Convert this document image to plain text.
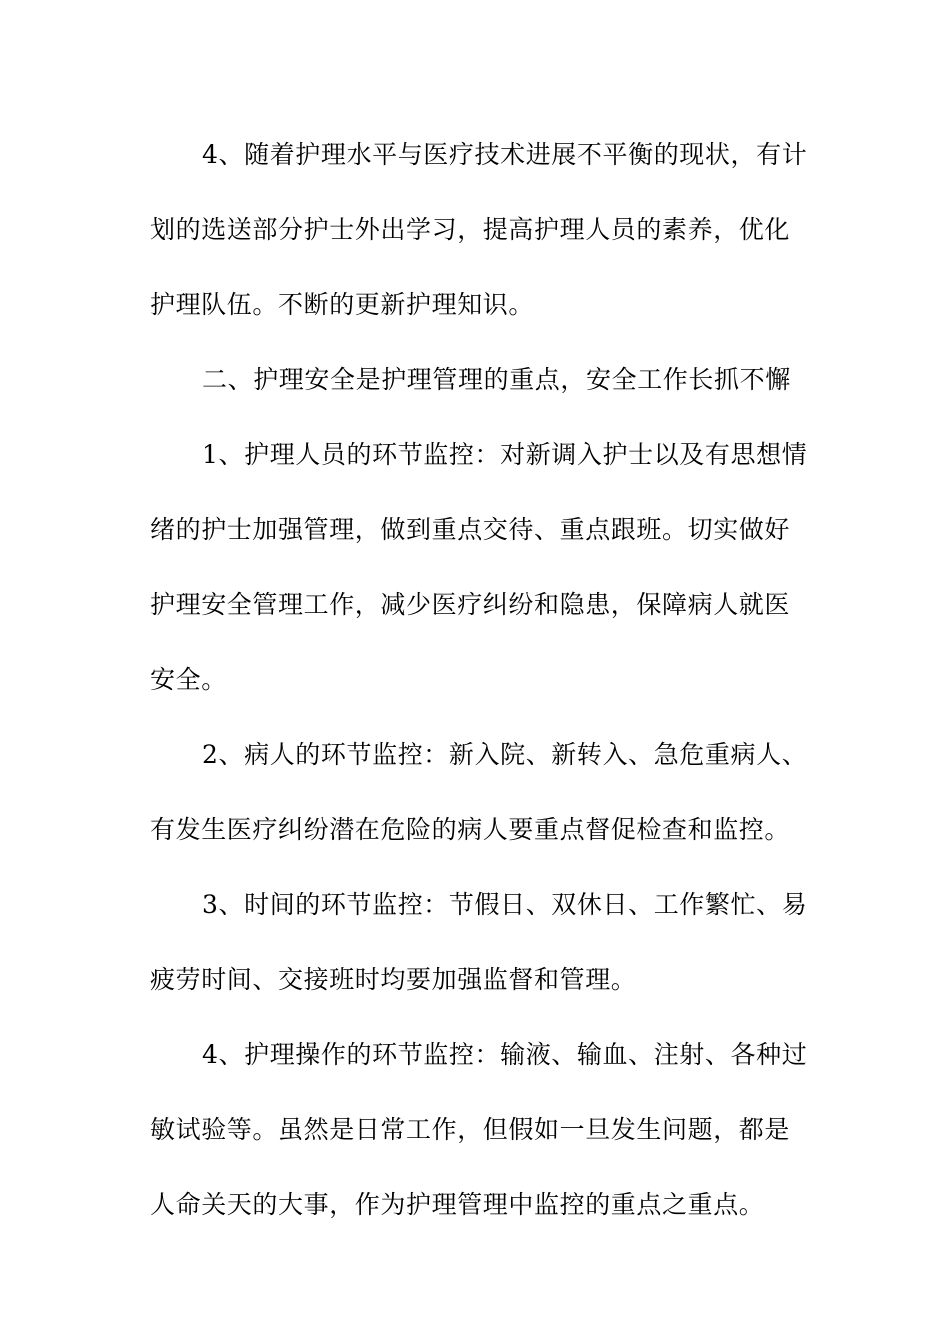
4、随着护理水平与医疗技术进展不平衡的现状，有计
划的选送部分护士外出学习，提高护理人员的素养，优化
护理队伍。不断的更新护理知识。
二、护理安全是护理管理的重点，安全工作长抓不懈
1、护理人员的环节监控：对新调入护士以及有思想情
绪的护士加强管理，做到重点交待、重点跟班。切实做好
护理安全管理工作，减少医疗纠纷和隐患，保障病人就医
安全。
2、病人的环节监控：新入院、新转入、急危重病人、
有发生医疗纠纷潜在危险的病人要重点督促检查和监控。
3、时间的环节监控：节假日、双休日、工作繁忙、易
疲劳时间、交接班时均要加强监督和管理。
4、护理操作的环节监控：输液、输血、注射、各种过
敏试验等。虽然是日常工作，但假如一旦发生问题，都是
人命关天的大事，作为护理管理中监控的重点之重点。
